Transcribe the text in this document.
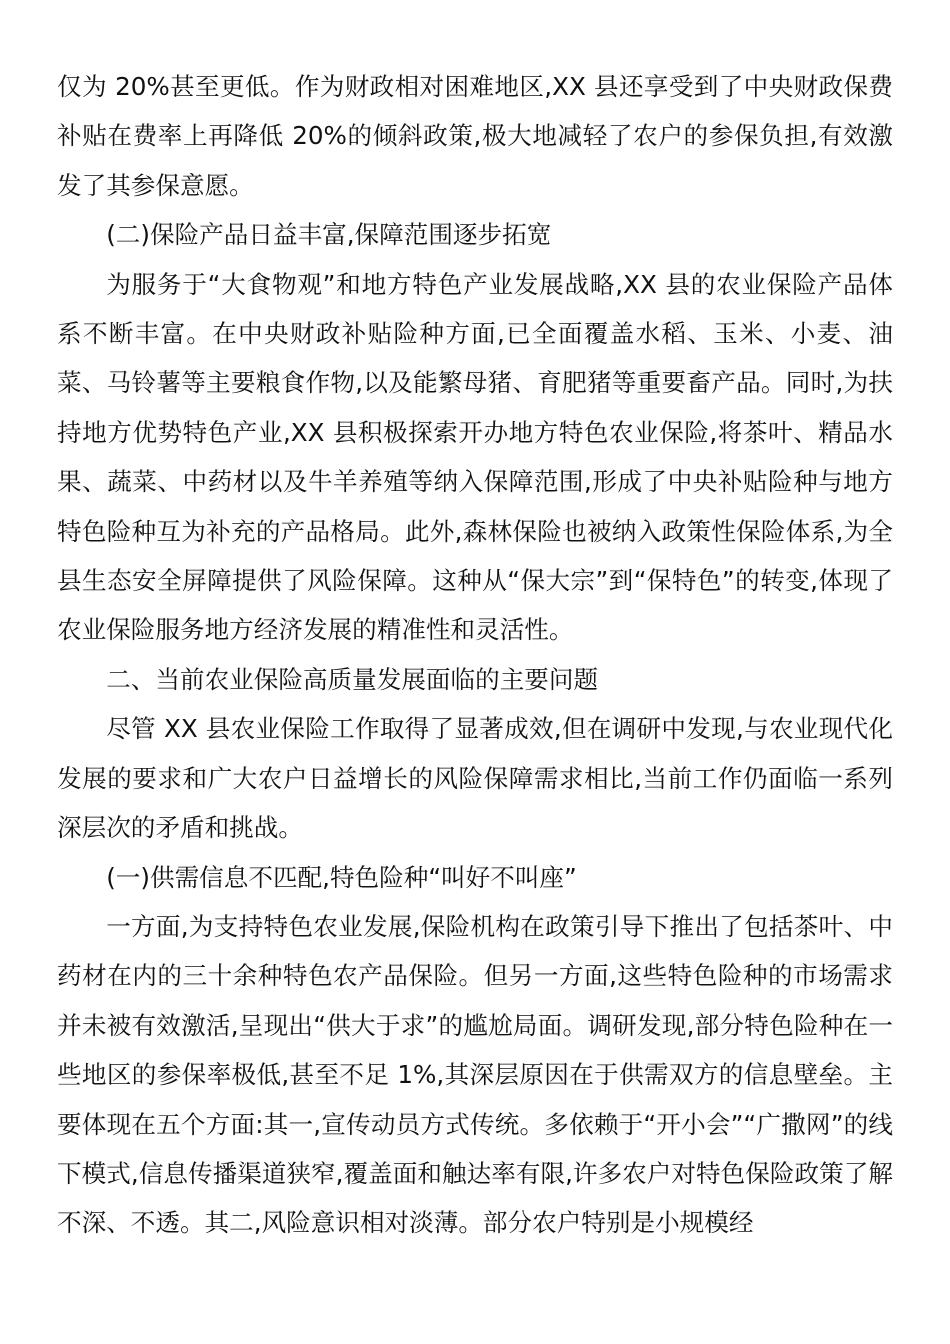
仅为 20%甚至更低。作为财政相对困难地区,XX 县还享受到了中央财政保费补贴在费率上再降低 20%的倾斜政策,极大地减轻了农户的参保负担,有效激发了其参保意愿。

(二)保险产品日益丰富,保障范围逐步拓宽

为服务于“大食物观”和地方特色产业发展战略,XX 县的农业保险产品体系不断丰富。在中央财政补贴险种方面,已全面覆盖水稻、玉米、小麦、油菜、马铃薯等主要粮食作物,以及能繁母猪、育肥猪等重要畜产品。同时,为扶持地方优势特色产业,XX 县积极探索开办地方特色农业保险,将茶叶、精品水果、蔬菜、中药材以及牛羊养殖等纳入保障范围,形成了中央补贴险种与地方特色险种互为补充的产品格局。此外,森林保险也被纳入政策性保险体系,为全县生态安全屏障提供了风险保障。这种从“保大宗”到“保特色”的转变,体现了农业保险服务地方经济发展的精准性和灵活性。

二、当前农业保险高质量发展面临的主要问题

尽管 XX 县农业保险工作取得了显著成效,但在调研中发现,与农业现代化发展的要求和广大农户日益增长的风险保障需求相比,当前工作仍面临一系列深层次的矛盾和挑战。

(一)供需信息不匹配,特色险种“叫好不叫座”

一方面,为支持特色农业发展,保险机构在政策引导下推出了包括茶叶、中药材在内的三十余种特色农产品保险。但另一方面,这些特色险种的市场需求并未被有效激活,呈现出“供大于求”的尴尬局面。调研发现,部分特色险种在一些地区的参保率极低,甚至不足 1%,其深层原因在于供需双方的信息壁垒。主要体现在五个方面:其一,宣传动员方式传统。多依赖于“开小会”“广撒网”的线下模式,信息传播渠道狭窄,覆盖面和触达率有限,许多农户对特色保险政策了解不深、不透。其二,风险意识相对淡薄。部分农户特别是小规模经
